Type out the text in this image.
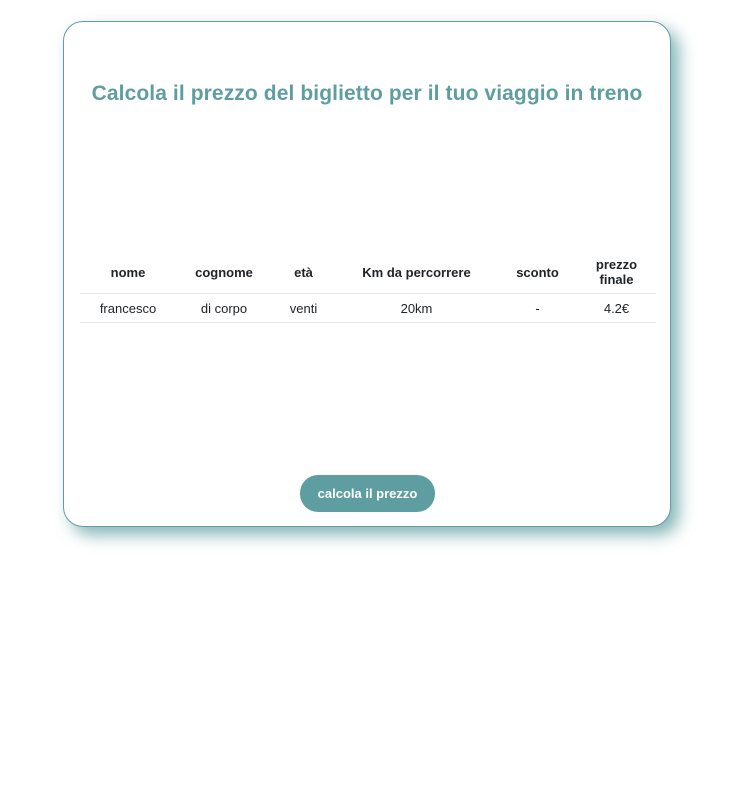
Calcola il prezzo del biglietto per il tuo viaggio in treno
nome	cognome	età	Km da percorrere	sconto	prezzo finale
francesco	di corpo	venti	20km	-	4.2€
calcola il prezzo
